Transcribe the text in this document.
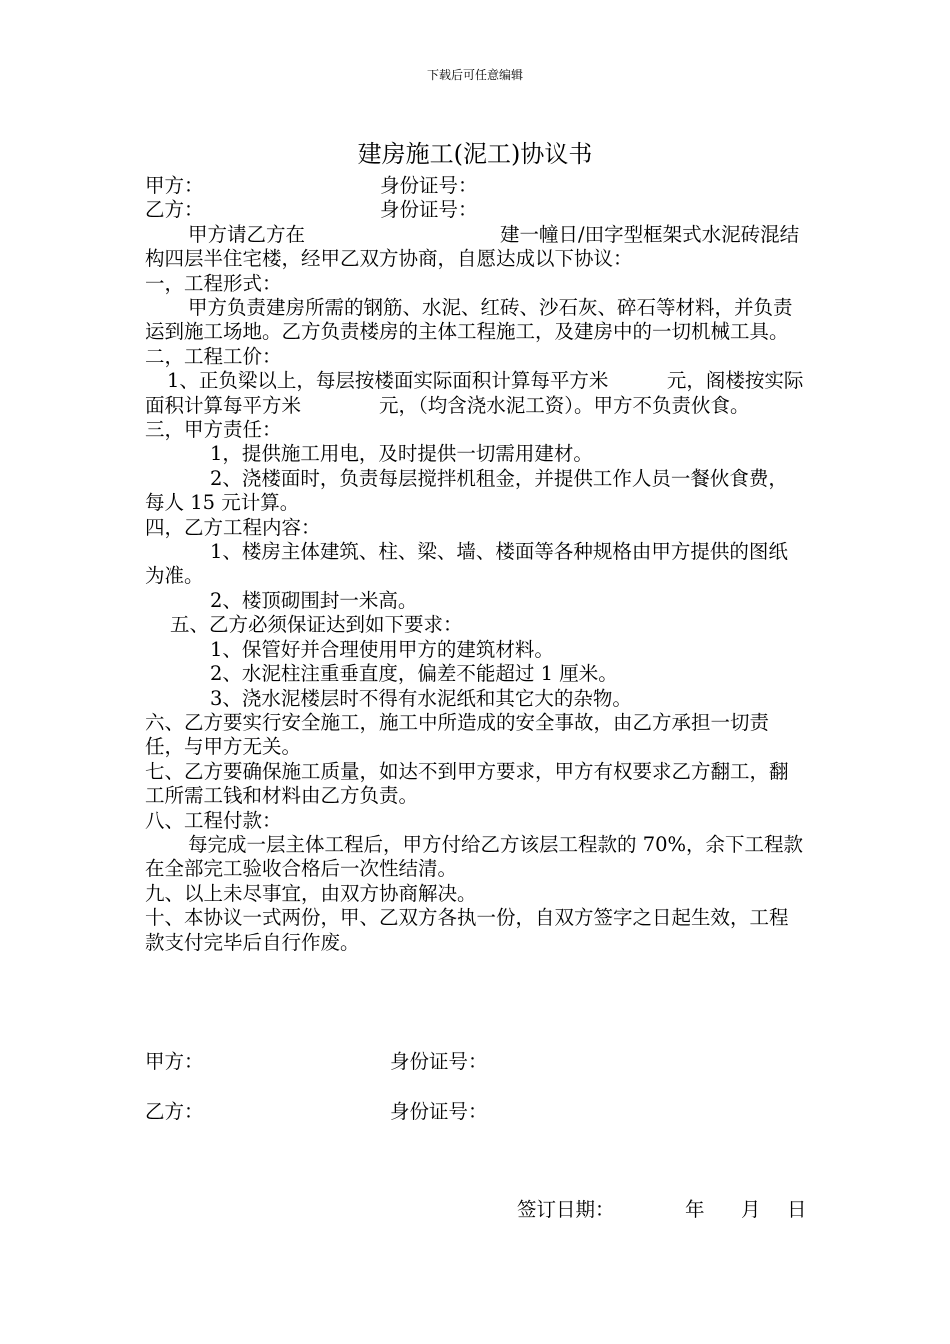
下载后可任意编辑
建房施工(泥工)协议书
甲方：	身份证号：
乙方：	身份证号：

甲方请乙方在　　　　　　　　　　建一幢日/田字型框架式水泥砖混结构四层半住宅楼，经甲乙双方协商，自愿达成以下协议：

一，工程形式：

甲方负责建房所需的钢筋、水泥、红砖、沙石灰、碎石等材料，并负责运到施工场地。乙方负责楼房的主体工程施工，及建房中的一切机械工具。

二，工程工价：

1、正负梁以上，每层按楼面实际面积计算每平方米　　　元，阁楼按实际面积计算每平方米　　　　元，（均含浇水泥工资）。甲方不负责伙食。

三，甲方责任：

1，提供施工用电，及时提供一切需用建材。

2、浇楼面时，负责每层搅拌机租金，并提供工作人员一餐伙食费，每人 15 元计算。

四，乙方工程内容：

1、楼房主体建筑、柱、梁、墙、楼面等各种规格由甲方提供的图纸为准。

2、楼顶砌围封一米高。

五、乙方必须保证达到如下要求：

1、保管好并合理使用甲方的建筑材料。

2、水泥柱注重垂直度，偏差不能超过 1 厘米。

3、浇水泥楼层时不得有水泥纸和其它大的杂物。

六、乙方要实行安全施工，施工中所造成的安全事故，由乙方承担一切责任，与甲方无关。

七、乙方要确保施工质量，如达不到甲方要求，甲方有权要求乙方翻工，翻工所需工钱和材料由乙方负责。

八、工程付款：

每完成一层主体工程后，甲方付给乙方该层工程款的 70%，余下工程款在全部完工验收合格后一次性结清。

九、以上未尽事宜，由双方协商解决。

十、本协议一式两份，甲、乙双方各执一份，自双方签字之日起生效，工程款支付完毕后自行作废。

甲方：	身份证号：
乙方：	身份证号：
签订日期：	年 月 日
